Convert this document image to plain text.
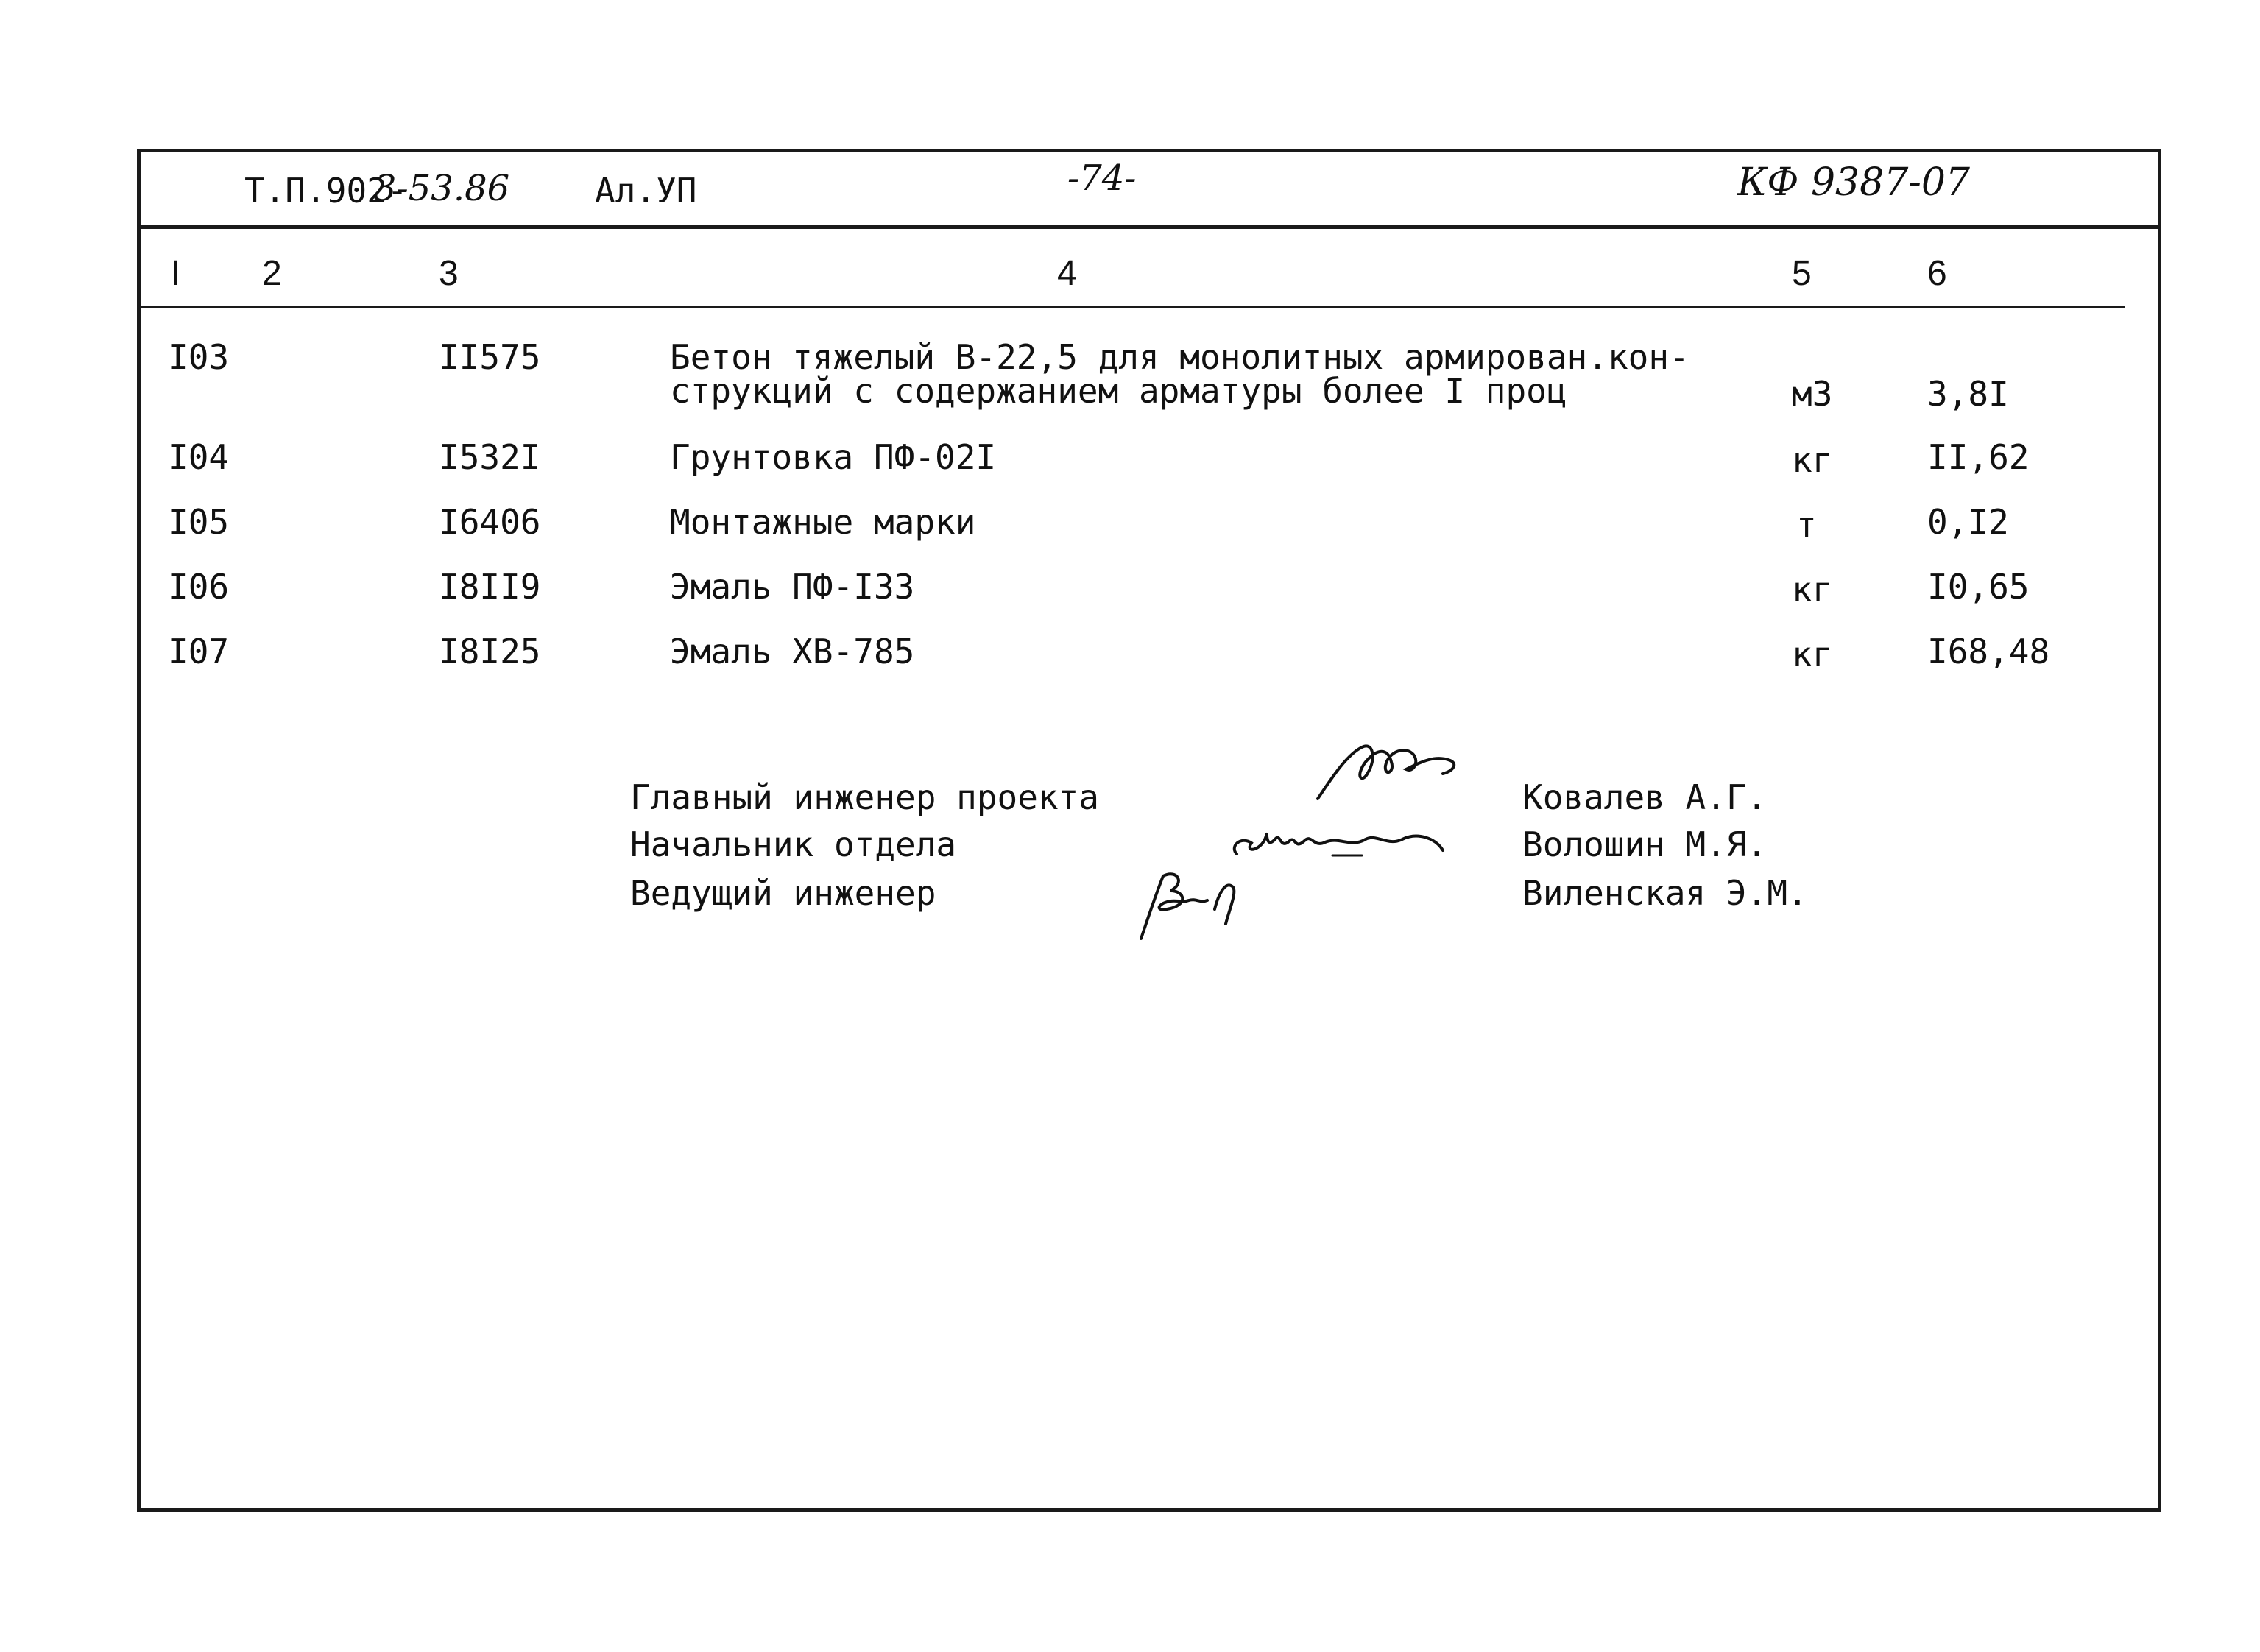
Т.П.902-
3-53.86	Ал.УП	-74-	КФ 9387-07
I 2	3	4	5	6
I03	II575	Бетон тяжелый В-22,5 для монолитных армирован.кон-
струкций с содержанием арматуры более I проц	м3	3,8I
I04	I532I	Грунтовка ПФ-02I	кг	II,62
I05	I6406	Монтажные марки	т	0,I2
I06	I8II9	Эмаль ПФ-I33	кг	I0,65
I07	I8I25	Эмаль ХВ-785	кг	I68,48
Главный инженер проекта
Начальник отдела
Ведущий инженер
Ковалев А.Г.
Волошин М.Я.
Виленская Э.М.
